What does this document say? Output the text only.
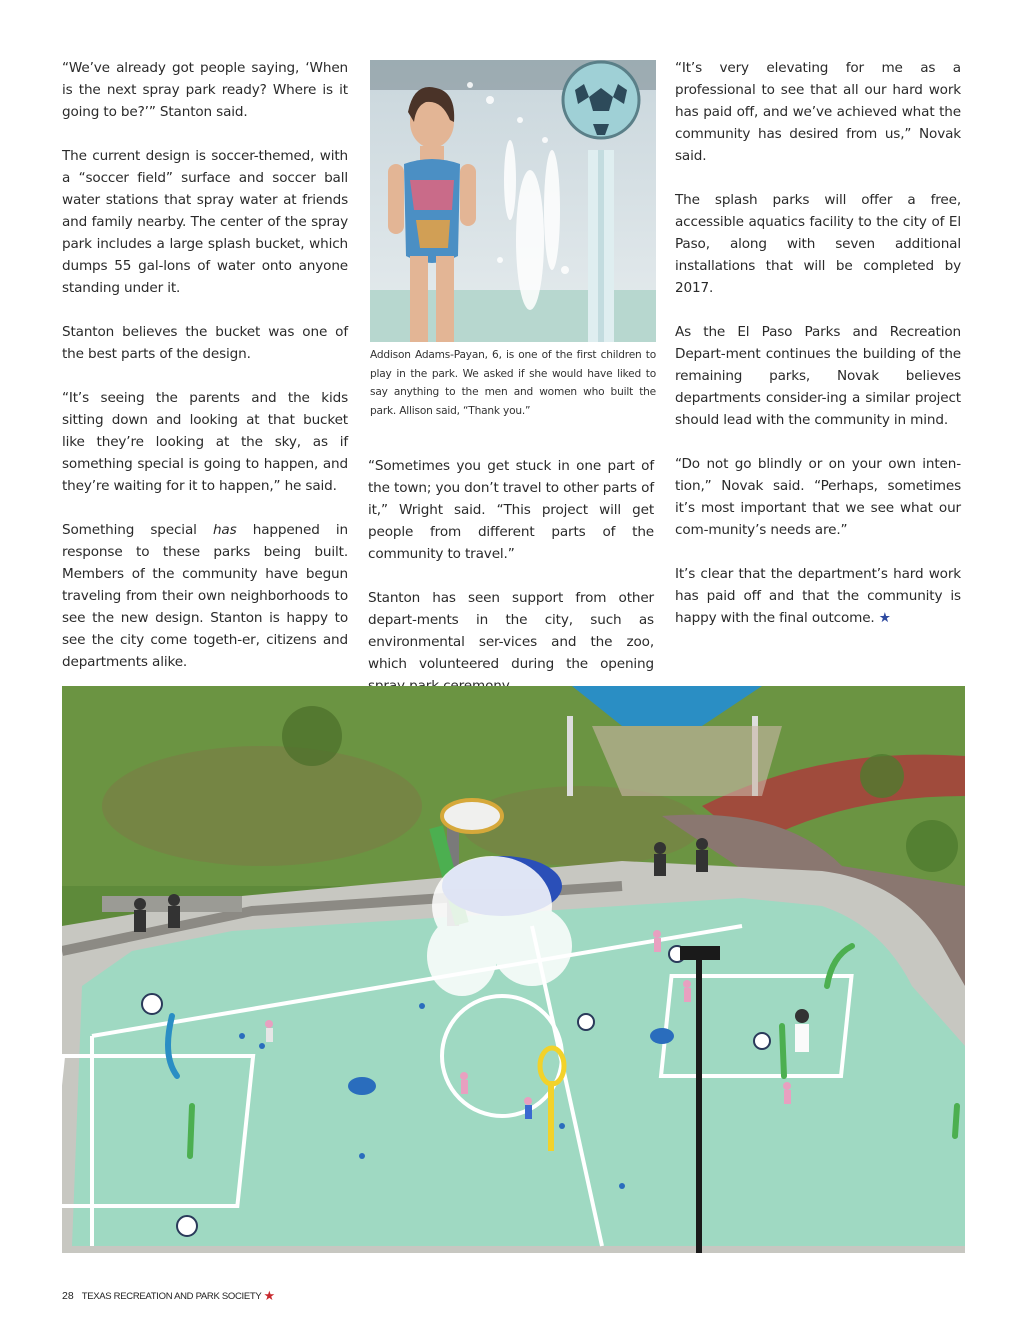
“We’ve already got people saying, ‘When is the next spray park ready? Where is it going to be?’” Stanton said.

The current design is soccer-themed, with a “soccer field” surface and soccer ball water stations that spray water at friends and family nearby. The center of the spray park includes a large splash bucket, which dumps 55 gal-lons of water onto anyone standing under it.

Stanton believes the bucket was one of the best parts of the design.

“It’s seeing the parents and the kids sitting down and looking at that bucket like they’re looking at the sky, as if something special is going to happen, and they’re waiting for it to happen,” he said.

Something special has happened in response to these parks being built. Members of the community have begun traveling from their own neighborhoods to see the new design. Stanton is happy to see the city come togeth-er, citizens and departments alike.

Addison Adams-Payan, 6, is one of the first children to play in the park. We asked if she would have liked to say anything to the men and women who built the park. Allison said, “Thank you.”

“Sometimes you get stuck in one part of the town; you don’t travel to other parts of it,” Wright said. “This project will get people from different parts of the community to travel.”

Stanton has seen support from other depart-ments in the city, such as environmental ser-vices and the zoo, which volunteered during the opening

“It’s very elevating for me as a professional to see that all our hard work has paid off, and we’ve achieved what the community has desired from us,” Novak said.

The splash parks will offer a free, accessible aquatics facility to the city of El Paso, along with seven additional installations that will be completed by 2017.

As the El Paso Parks and Recreation Depart-ment continues the building of the remaining parks, Novak believes departments consider-ing a similar project should lead with the community in mind.

“Do not go blindly or on your own inten-tion,” Novak said. “Perhaps, sometimes it’s most important that we see what our com-munity’s needs are.”

It’s clear that the department’s hard work has paid off and that the community is happy with the final outcome. ★

28 TEXAS RECREATION AND PARK SOCIETY ★
